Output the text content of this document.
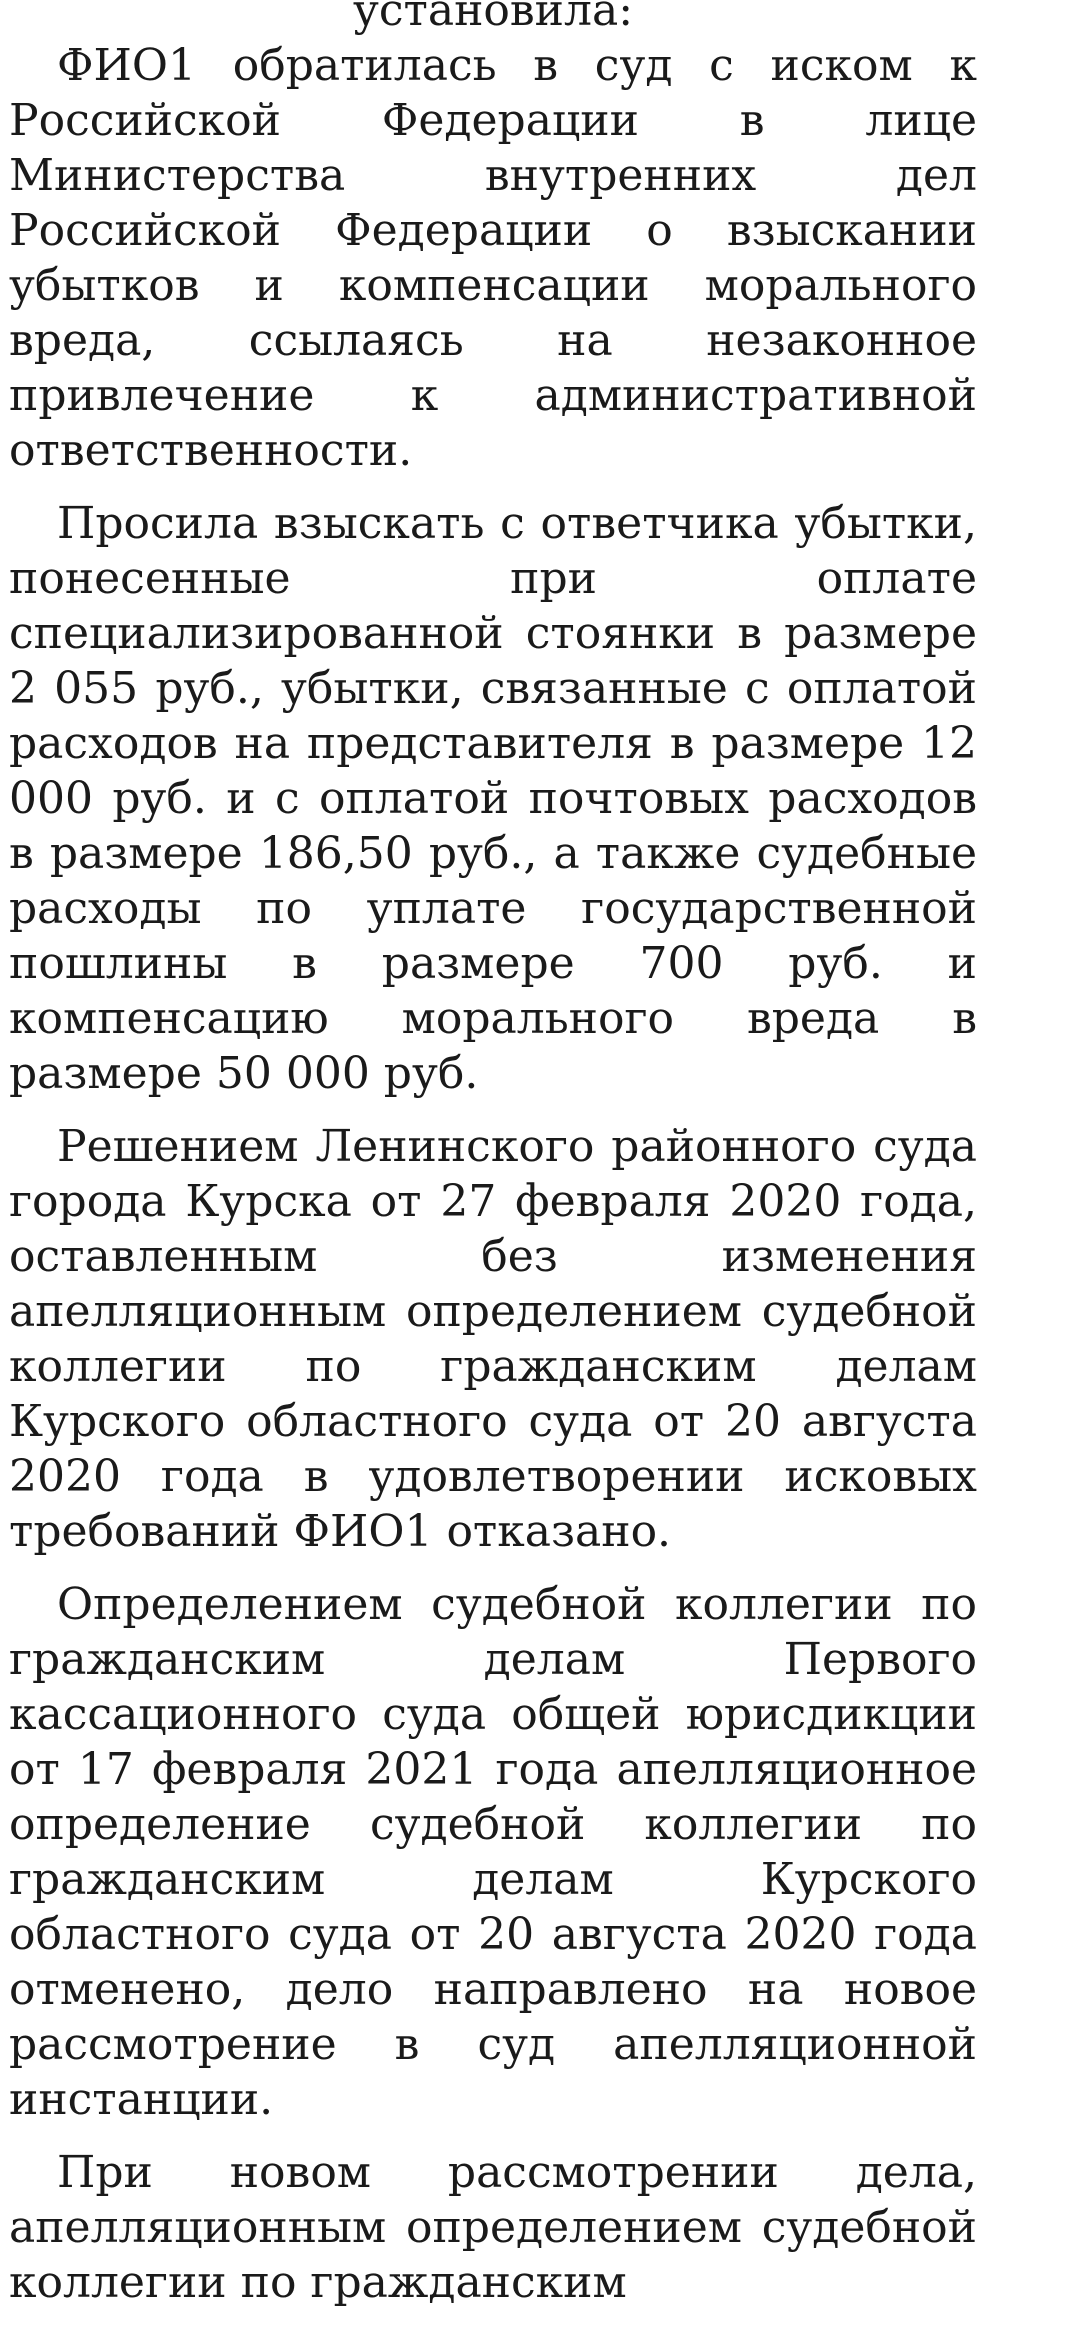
установила:

ФИО1 обратилась в суд с иском к Российской Федерации в лице Министерства внутренних дел Российской Федерации о взыскании убытков и компенсации морального вреда, ссылаясь на незаконное привлечение к административной ответственности.

Просила взыскать с ответчика убытки, понесенные при оплате специализированной стоянки в размере 2 055 руб., убытки, связанные с оплатой расходов на представителя в размере 12 000 руб. и с оплатой почтовых расходов в размере 186,50 руб., а также судебные расходы по уплате государственной пошлины в размере 700 руб. и компенсацию морального вреда в размере 50 000 руб.

Решением Ленинского районного суда города Курска от 27 февраля 2020 года, оставленным без изменения апелляционным определением судебной коллегии по гражданским делам Курского областного суда от 20 августа 2020 года в удовлетворении исковых требований ФИО1 отказано.

Определением судебной коллегии по гражданским делам Первого кассационного суда общей юрисдикции от 17 февраля 2021 года апелляционное определение судебной коллегии по гражданским делам Курского областного суда от 20 августа 2020 года отменено, дело направлено на новое рассмотрение в суд апелляционной инстанции.

При новом рассмотрении дела, апелляционным определением судебной коллегии по гражданским
